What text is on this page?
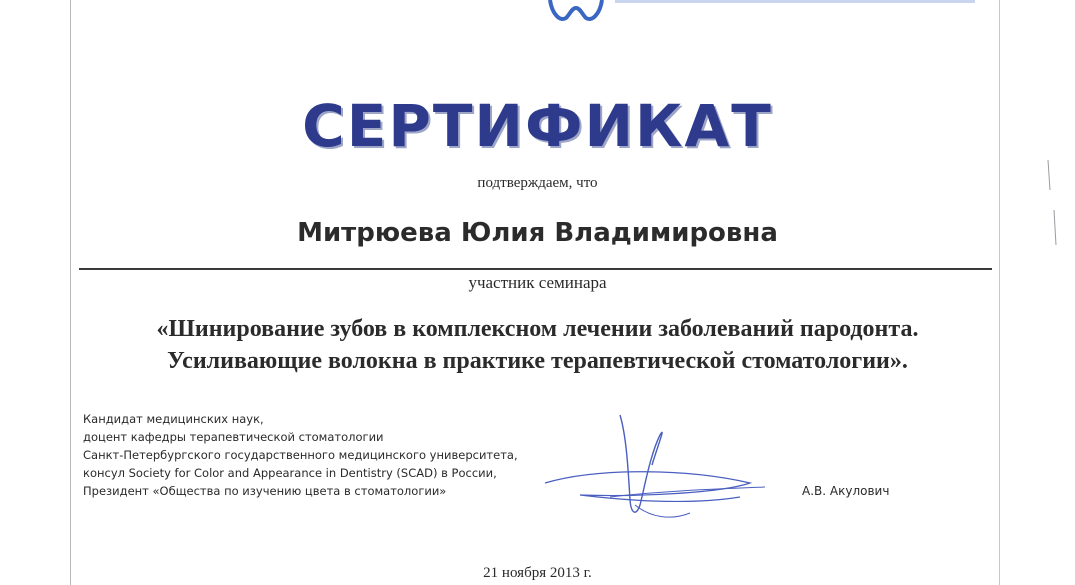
СЕРТИФИКАТ
подтверждаем, что
Митрюева Юлия Владимировна
участник семинара
«Шинирование зубов в комплексном лечении заболеваний пародонта.
Усиливающие волокна в практике терапевтической стоматологии».
Кандидат медицинских наук,
доцент кафедры терапевтической стоматологии
Санкт-Петербургского государственного медицинского университета,
консул Society for Color and Appearance in Dentistry (SCAD) в России,
Президент «Общества по изучению цвета в стоматологии»	А.В. Акулович
21 ноября 2013 г.
